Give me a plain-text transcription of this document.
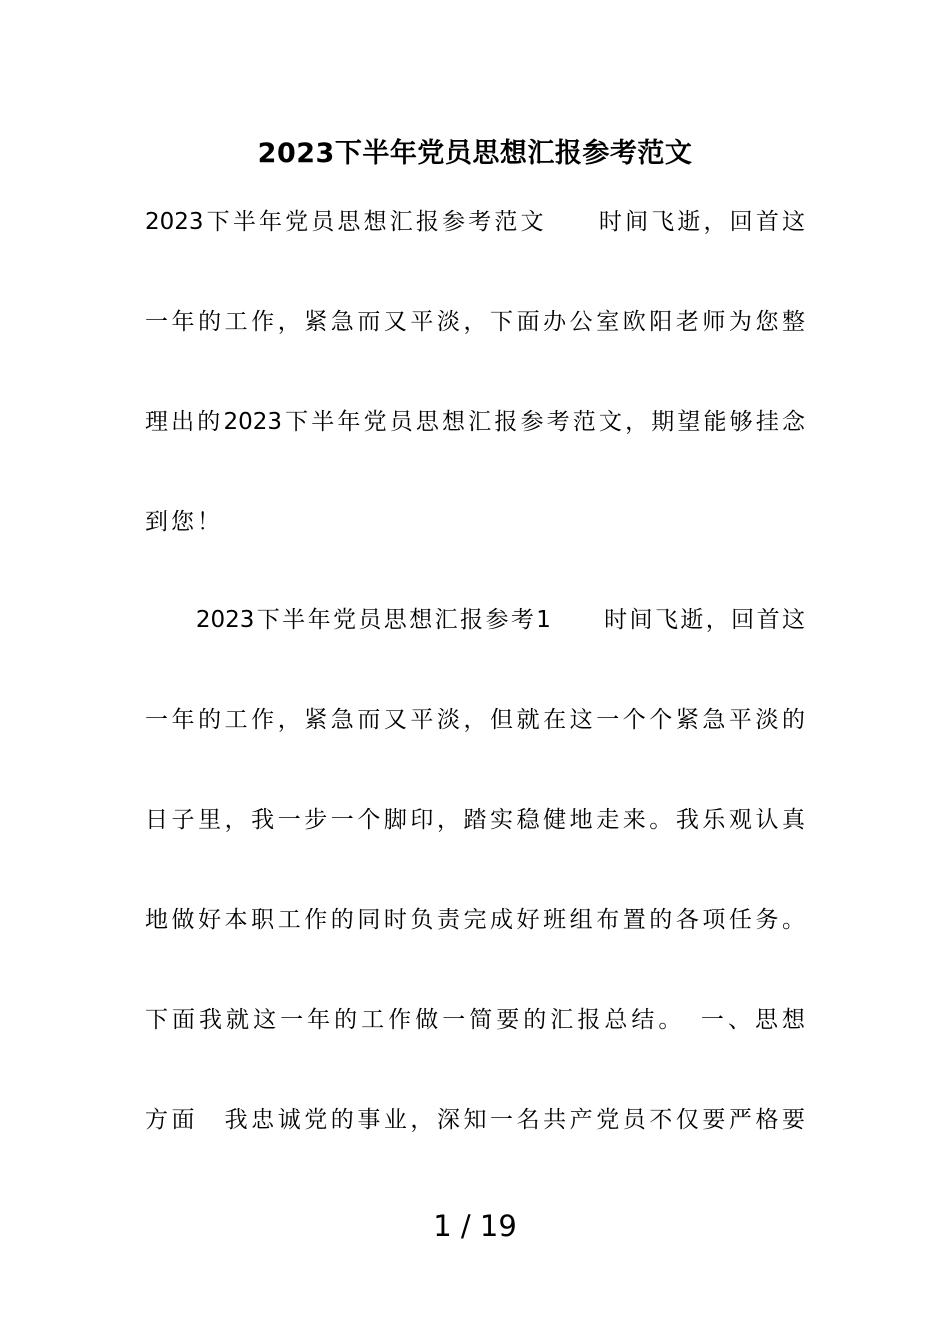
2023下半年党员思想汇报参考范文
2023下半年党员思想汇报参考范文　　时间飞逝，回首这
一年的工作，紧急而又平淡，下面办公室欧阳老师为您整
理出的2023下半年党员思想汇报参考范文，期望能够挂念
到您！
　　2023下半年党员思想汇报参考1　　时间飞逝，回首这
一年的工作，紧急而又平淡，但就在这一个个紧急平淡的
日子里，我一步一个脚印，踏实稳健地走来。我乐观认真
地做好本职工作的同时负责完成好班组布置的各项任务。
下面我就这一年的工作做一简要的汇报总结。　一、思想
方面　我忠诚党的事业，深知一名共产党员不仅要严格要
1 / 19
